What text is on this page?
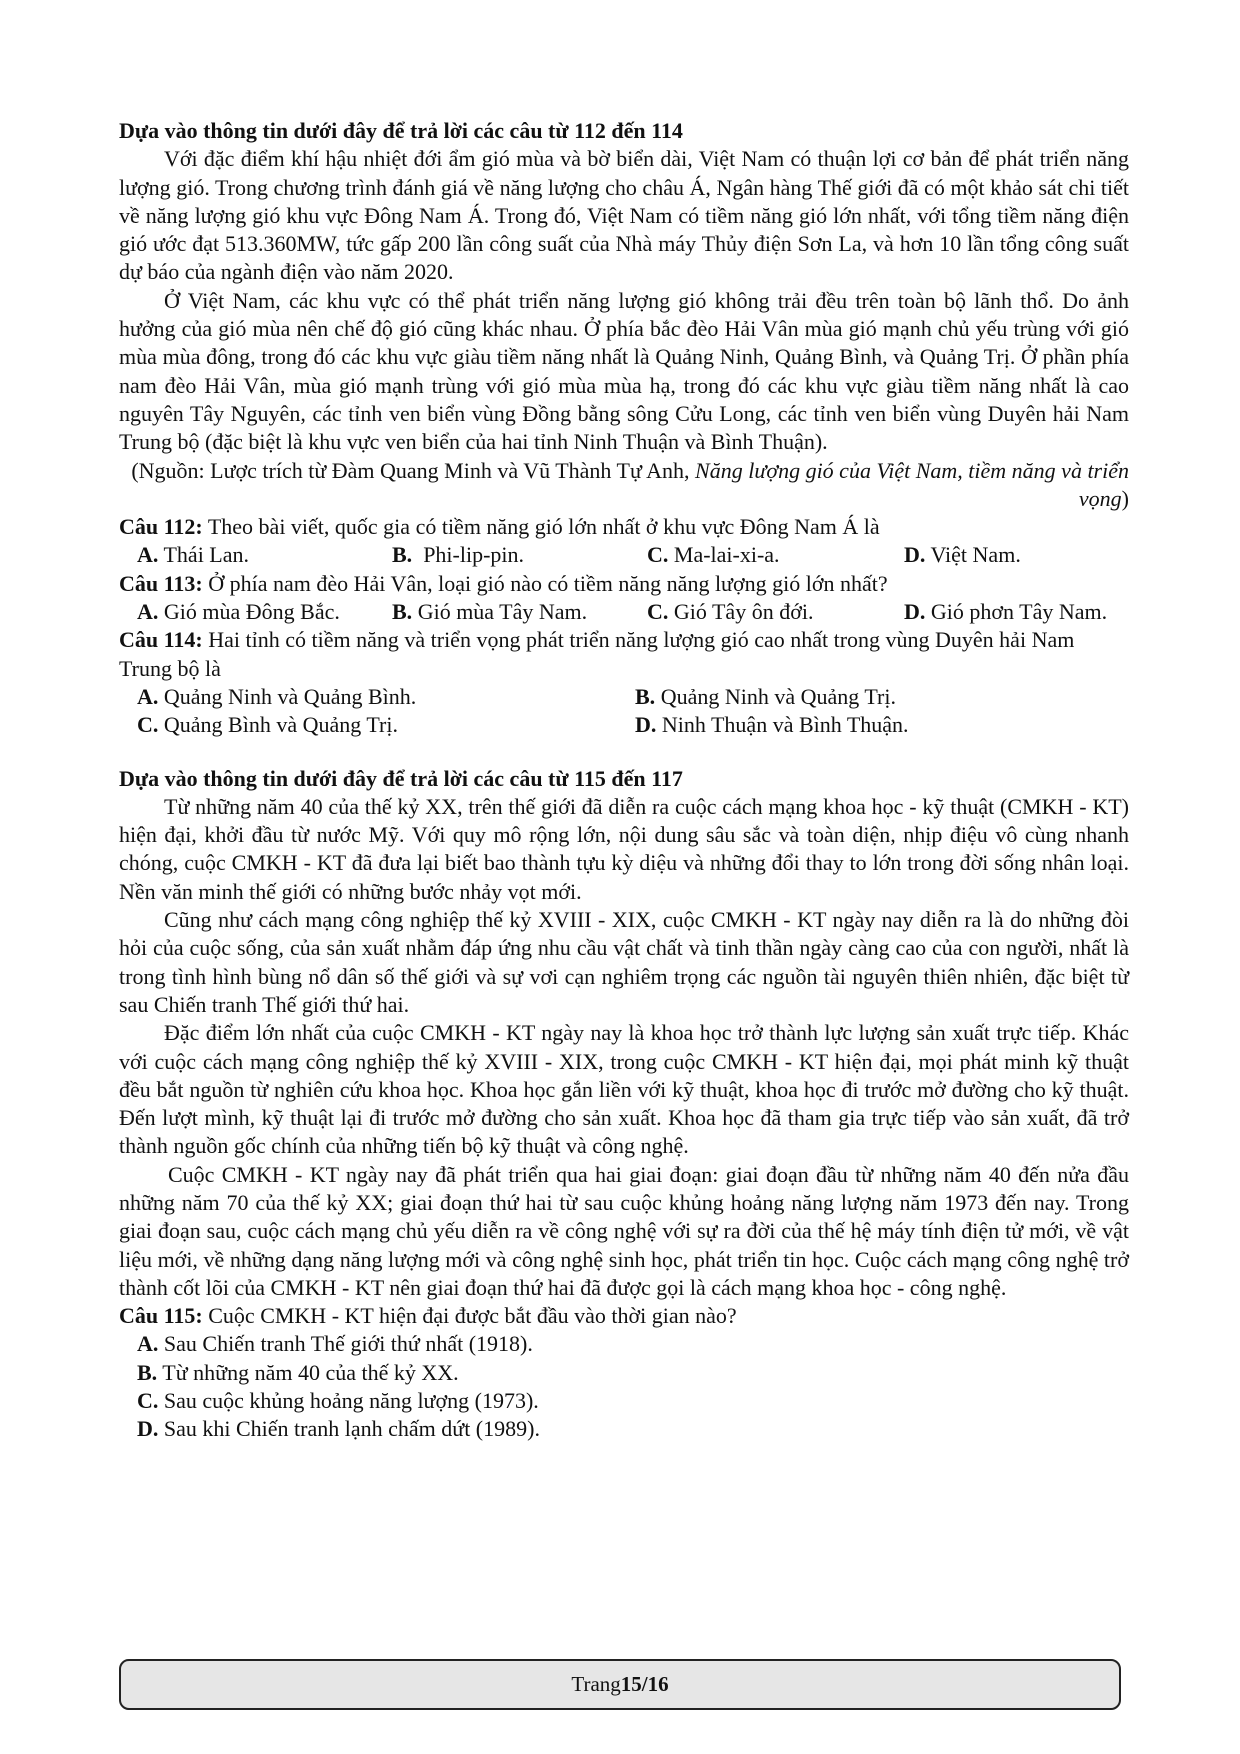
Dựa vào thông tin dưới đây để trả lời các câu từ 112 đến 114
Với đặc điểm khí hậu nhiệt đới ẩm gió mùa và bờ biển dài, Việt Nam có thuận lợi cơ bản để phát triển năng lượng gió. Trong chương trình đánh giá về năng lượng cho châu Á, Ngân hàng Thế giới đã có một khảo sát chi tiết về năng lượng gió khu vực Đông Nam Á. Trong đó, Việt Nam có tiềm năng gió lớn nhất, với tổng tiềm năng điện gió ước đạt 513.360MW, tức gấp 200 lần công suất của Nhà máy Thủy điện Sơn La, và hơn 10 lần tổng công suất dự báo của ngành điện vào năm 2020.
Ở Việt Nam, các khu vực có thể phát triển năng lượng gió không trải đều trên toàn bộ lãnh thổ. Do ảnh hưởng của gió mùa nên chế độ gió cũng khác nhau. Ở phía bắc đèo Hải Vân mùa gió mạnh chủ yếu trùng với gió mùa mùa đông, trong đó các khu vực giàu tiềm năng nhất là Quảng Ninh, Quảng Bình, và Quảng Trị. Ở phần phía nam đèo Hải Vân, mùa gió mạnh trùng với gió mùa mùa hạ, trong đó các khu vực giàu tiềm năng nhất là cao nguyên Tây Nguyên, các tỉnh ven biển vùng Đồng bằng sông Cửu Long, các tỉnh ven biển vùng Duyên hải Nam Trung bộ (đặc biệt là khu vực ven biển của hai tỉnh Ninh Thuận và Bình Thuận).
(Nguồn: Lược trích từ Đàm Quang Minh và Vũ Thành Tự Anh, Năng lượng gió của Việt Nam, tiềm năng và triển vọng)
Câu 112: Theo bài viết, quốc gia có tiềm năng gió lớn nhất ở khu vực Đông Nam Á là
A. Thái Lan.	B.  Phi-lip-pin.	C. Ma-lai-xi-a.	D. Việt Nam.
Câu 113: Ở phía nam đèo Hải Vân, loại gió nào có tiềm năng năng lượng gió lớn nhất?
A. Gió mùa Đông Bắc.	B. Gió mùa Tây Nam.	C. Gió Tây ôn đới.	D. Gió phơn Tây Nam.
Câu 114: Hai tỉnh có tiềm năng và triển vọng phát triển năng lượng gió cao nhất trong vùng Duyên hải Nam Trung bộ là
A. Quảng Ninh và Quảng Bình.	B. Quảng Ninh và Quảng Trị.
C. Quảng Bình và Quảng Trị.	D. Ninh Thuận và Bình Thuận.
Dựa vào thông tin dưới đây để trả lời các câu từ 115 đến 117
Từ những năm 40 của thế kỷ XX, trên thế giới đã diễn ra cuộc cách mạng khoa học - kỹ thuật (CMKH - KT) hiện đại, khởi đầu từ nước Mỹ. Với quy mô rộng lớn, nội dung sâu sắc và toàn diện, nhịp điệu vô cùng nhanh chóng, cuộc CMKH - KT đã đưa lại biết bao thành tựu kỳ diệu và những đổi thay to lớn trong đời sống nhân loại. Nền văn minh thế giới có những bước nhảy vọt mới.
Cũng như cách mạng công nghiệp thế kỷ XVIII - XIX, cuộc CMKH - KT ngày nay diễn ra là do những đòi hỏi của cuộc sống, của sản xuất nhằm đáp ứng nhu cầu vật chất và tinh thần ngày càng cao của con người, nhất là trong tình hình bùng nổ dân số thế giới và sự vơi cạn nghiêm trọng các nguồn tài nguyên thiên nhiên, đặc biệt từ sau Chiến tranh Thế giới thứ hai.
Đặc điểm lớn nhất của cuộc CMKH - KT ngày nay là khoa học trở thành lực lượng sản xuất trực tiếp. Khác với cuộc cách mạng công nghiệp thế kỷ XVIII - XIX, trong cuộc CMKH - KT hiện đại, mọi phát minh kỹ thuật đều bắt nguồn từ nghiên cứu khoa học. Khoa học gắn liền với kỹ thuật, khoa học đi trước mở đường cho kỹ thuật. Đến lượt mình, kỹ thuật lại đi trước mở đường cho sản xuất. Khoa học đã tham gia trực tiếp vào sản xuất, đã trở thành nguồn gốc chính của những tiến bộ kỹ thuật và công nghệ.
Cuộc CMKH - KT ngày nay đã phát triển qua hai giai đoạn: giai đoạn đầu từ những năm 40 đến nửa đầu những năm 70 của thế kỷ XX; giai đoạn thứ hai từ sau cuộc khủng hoảng năng lượng năm 1973 đến nay. Trong giai đoạn sau, cuộc cách mạng chủ yếu diễn ra về công nghệ với sự ra đời của thế hệ máy tính điện tử mới, về vật liệu mới, về những dạng năng lượng mới và công nghệ sinh học, phát triển tin học. Cuộc cách mạng công nghệ trở thành cốt lõi của CMKH - KT nên giai đoạn thứ hai đã được gọi là cách mạng khoa học - công nghệ.
Câu 115: Cuộc CMKH - KT hiện đại được bắt đầu vào thời gian nào?
A. Sau Chiến tranh Thế giới thứ nhất (1918).
B. Từ những năm 40 của thế kỷ XX.
C. Sau cuộc khủng hoảng năng lượng (1973).
D. Sau khi Chiến tranh lạnh chấm dứt (1989).
Trang 15/16
